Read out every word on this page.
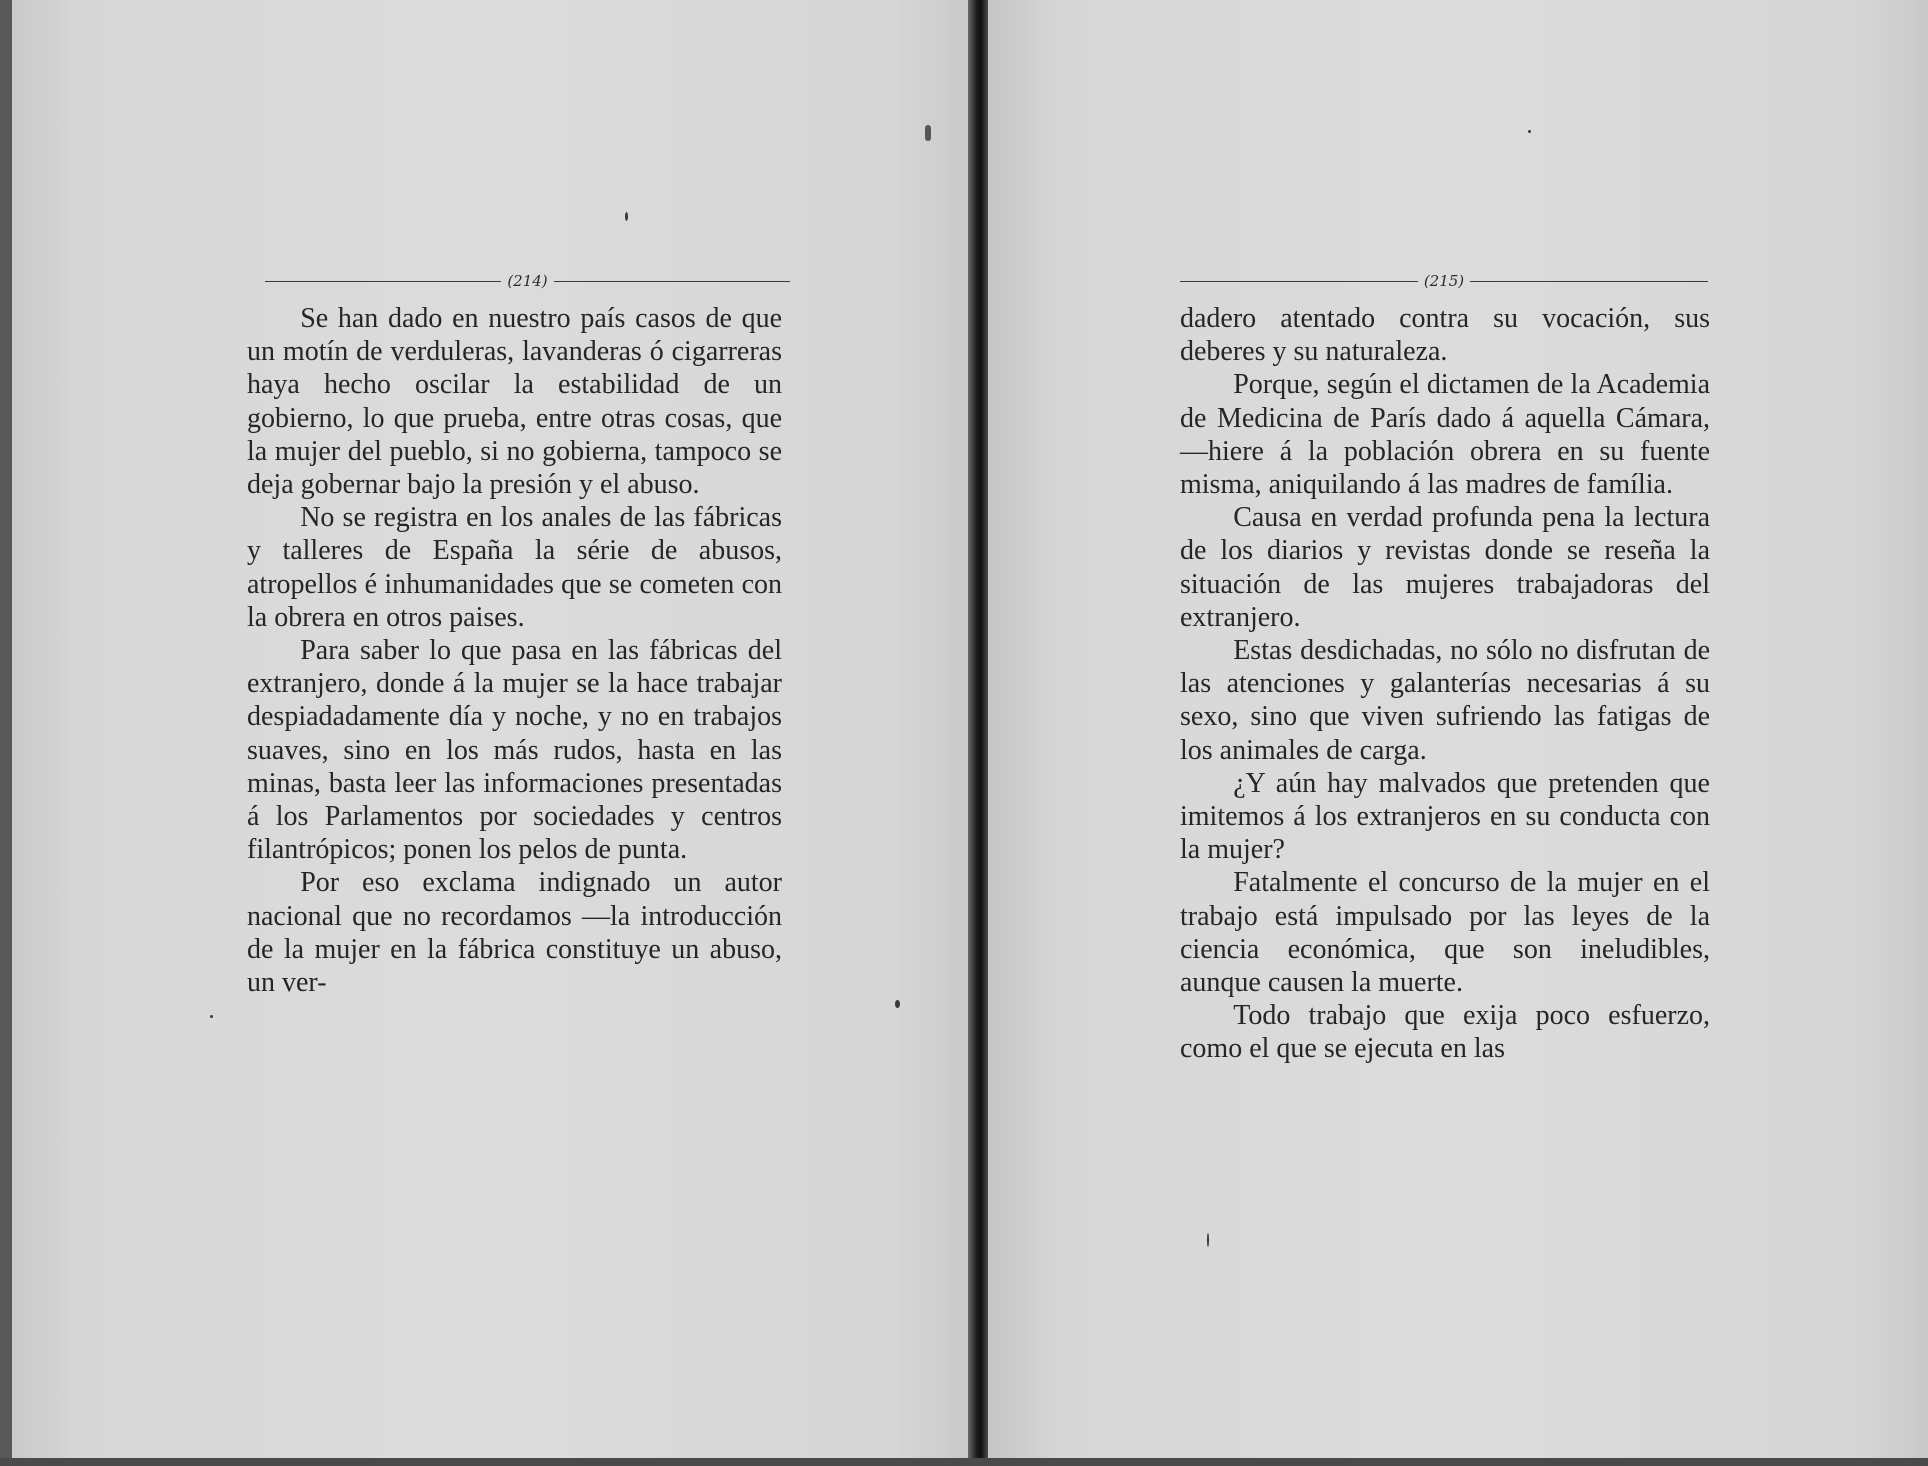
(214)

Se han dado en nuestro país casos de que un motín de verduleras, lavanderas ó cigarreras haya hecho oscilar la estabilidad de un gobierno, lo que prueba, entre otras cosas, que la mujer del pueblo, si no gobierna, tampoco se deja gobernar bajo la presión y el abuso.

No se registra en los anales de las fábricas y talleres de España la série de abusos, atropellos é inhumanidades que se cometen con la obrera en otros paises.

Para saber lo que pasa en las fábricas del extranjero, donde á la mujer se la hace trabajar despiadadamente día y noche, y no en trabajos suaves, sino en los más rudos, hasta en las minas, basta leer las informaciones presentadas á los Parlamentos por sociedades y centros filantrópicos; ponen los pelos de punta.

Por eso exclama indignado un autor nacional que no recordamos —la introducción de la mujer en la fábrica constituye un abuso, un ver-

(215)

dadero atentado contra su vocación, sus deberes y su naturaleza.

Porque, según el dictamen de la Academia de Medicina de París dado á aquella Cámara,—hiere á la población obrera en su fuente misma, aniquilando á las madres de família.

Causa en verdad profunda pena la lectura de los diarios y revistas donde se reseña la situación de las mujeres trabajadoras del extranjero.

Estas desdichadas, no sólo no disfrutan de las atenciones y galanterías necesarias á su sexo, sino que viven sufriendo las fatigas de los animales de carga.

¿Y aún hay malvados que pretenden que imitemos á los extranjeros en su conducta con la mujer?

Fatalmente el concurso de la mujer en el trabajo está impulsado por las leyes de la ciencia económica, que son ineludibles, aunque causen la muerte.

Todo trabajo que exija poco esfuerzo, como el que se ejecuta en las
